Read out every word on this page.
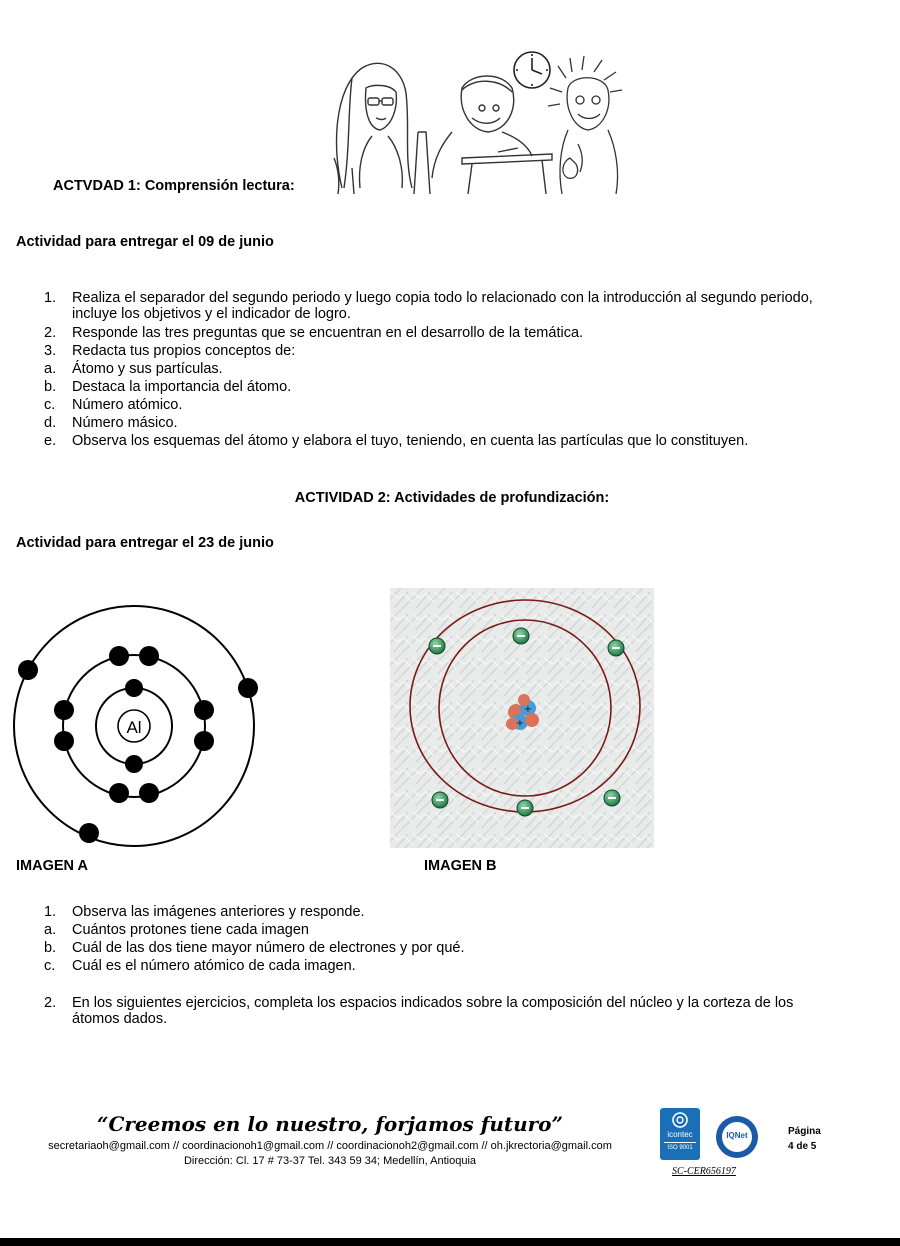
ACTVDAD 1: Comprensión lectura:
Actividad para entregar el 09 de junio
1.	Realiza el separador del segundo periodo y luego copia todo lo relacionado con la introducción al segundo periodo, incluye los objetivos y el indicador de logro.
2.	Responde las tres preguntas que se encuentran en el desarrollo de la temática.
3.	Redacta tus propios conceptos de:
a.	Átomo y sus partículas.
b.	Destaca la importancia del átomo.
c.	Número atómico.
d.	Número másico.
e.	Observa los esquemas del átomo y elabora el tuyo, teniendo, en cuenta las partículas que lo constituyen.
ACTIVIDAD 2: Actividades de profundización:
Actividad para entregar el 23 de junio
Al
IMAGEN A
+
+
IMAGEN B
1.	Observa las imágenes anteriores y responde.
a.	Cuántos protones tiene cada imagen
b.	Cuál de las dos tiene mayor número de electrones y por qué.
c.	Cuál es el número atómico de cada imagen.
2.	En los siguientes ejercicios, completa los espacios indicados sobre la composición del núcleo y la corteza de los átomos dados.
“Creemos en lo nuestro, forjamos futuro”
secretariaoh@gmail.com // coordinacionoh1@gmail.com // coordinacionoh2@gmail.com // oh.jkrectoria@gmail.com
Dirección: Cl. 17 # 73-37 Tel. 343 59 34; Medellín, Antioquia
icontec
ISO 9001
IQNet
SC-CER656197
Página
4 de 5
